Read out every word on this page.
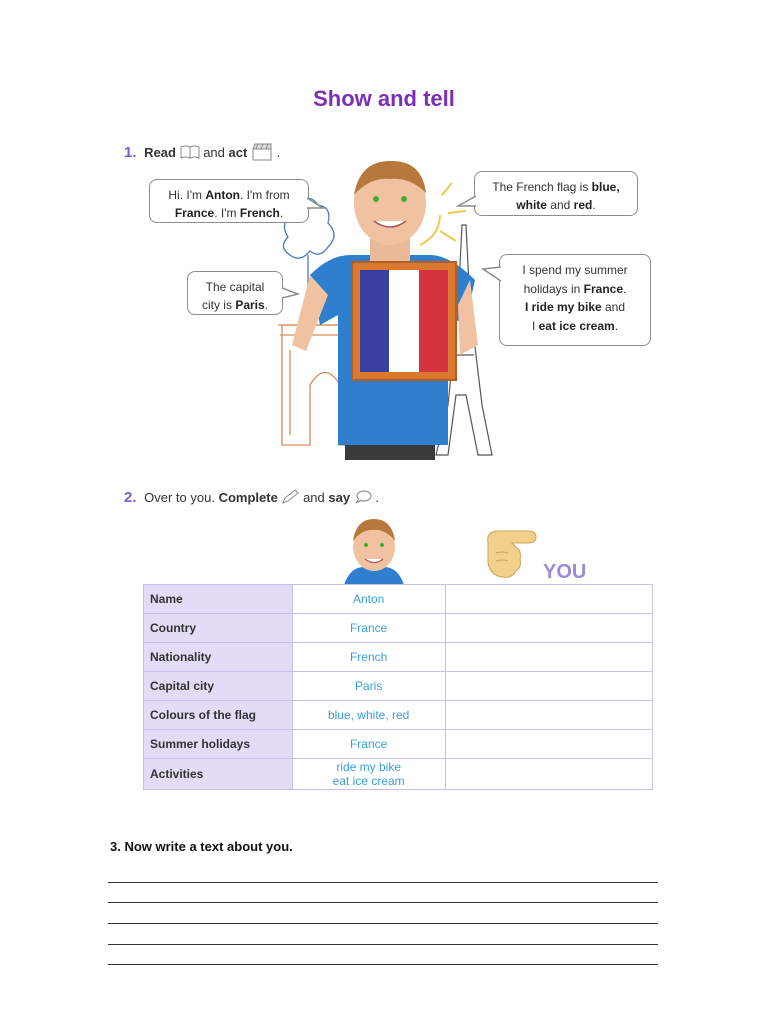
Show and tell
1. Read and act .
Hi. I'm Anton. I'm from
France. I'm French.
The French flag is blue,
white and red.
The capital
city is Paris.
I spend my summer
holidays in France.
I ride my bike and
I eat ice cream.
2. Over to you. Complete and say .
YOU
Name	Anton	
Country	France	
Nationality	French	
Capital city	Paris	
Colours of the flag	blue, white, red	
Summer holidays	France	
Activities	ride my bike
eat ice cream	

3. Now write a text about you.
